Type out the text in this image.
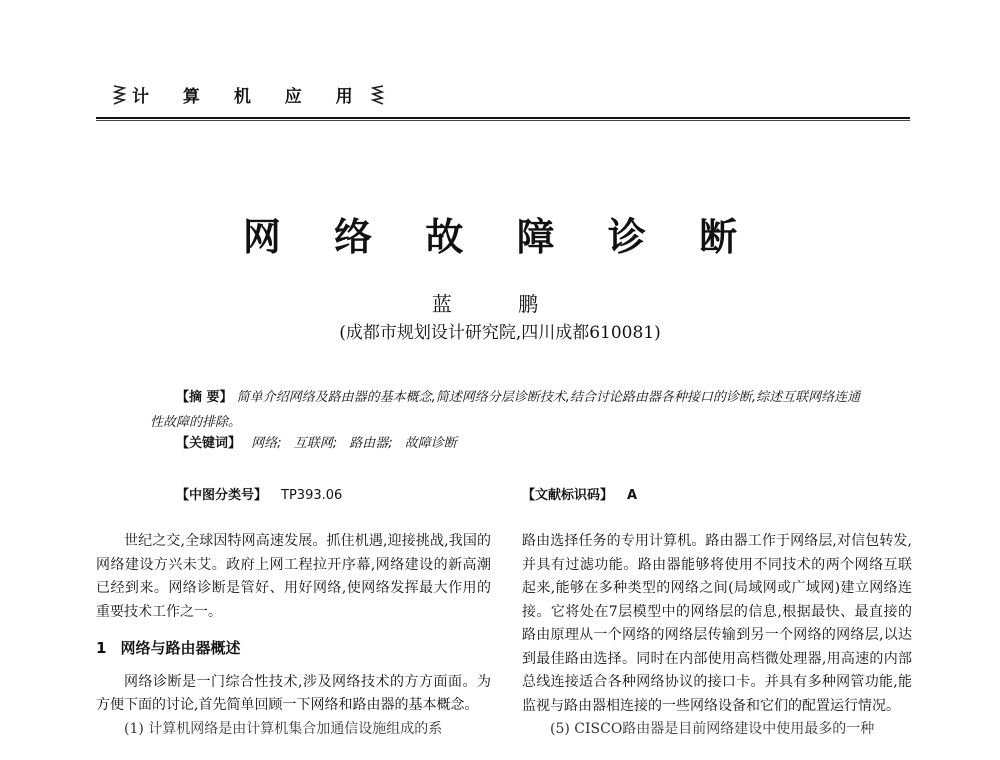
计 算 机 应 用
网 络 故 障 诊 断
蓝 鹏
(成都市规划设计研究院,四川成都610081)
【摘 要】 简单介绍网络及路由器的基本概念,简述网络分层诊断技术,结合讨论路由器各种接口的诊断,综述互联网络连通性故障的排除。
【关键词】 网络; 互联网; 路由器; 故障诊断
【中图分类号】 TP393.06	【文献标识码】 A

世纪之交,全球因特网高速发展。抓住机遇,迎接挑战,我国的网络建设方兴未艾。政府上网工程拉开序幕,网络建设的新高潮已经到来。网络诊断是管好、用好网络,使网络发挥最大作用的重要技术工作之一。

1 网络与路由器概述

网络诊断是一门综合性技术,涉及网络技术的方方面面。为方便下面的讨论,首先简单回顾一下网络和路由器的基本概念。

(1) 计算机网络是由计算机集合加通信设施组成的系

路由选择任务的专用计算机。路由器工作于网络层,对信包转发,并具有过滤功能。路由器能够将使用不同技术的两个网络互联起来,能够在多种类型的网络之间(局域网或广域网)建立网络连接。它将处在7层模型中的网络层的信息,根据最快、最直接的路由原理从一个网络的网络层传输到另一个网络的网络层,以达到最佳路由选择。同时在内部使用高档微处理器,用高速的内部总线连接适合各种网络协议的接口卡。并具有多种网管功能,能监视与路由器相连接的一些网络设备和它们的配置运行情况。

(5) CISCO路由器是目前网络建设中使用最多的一种
